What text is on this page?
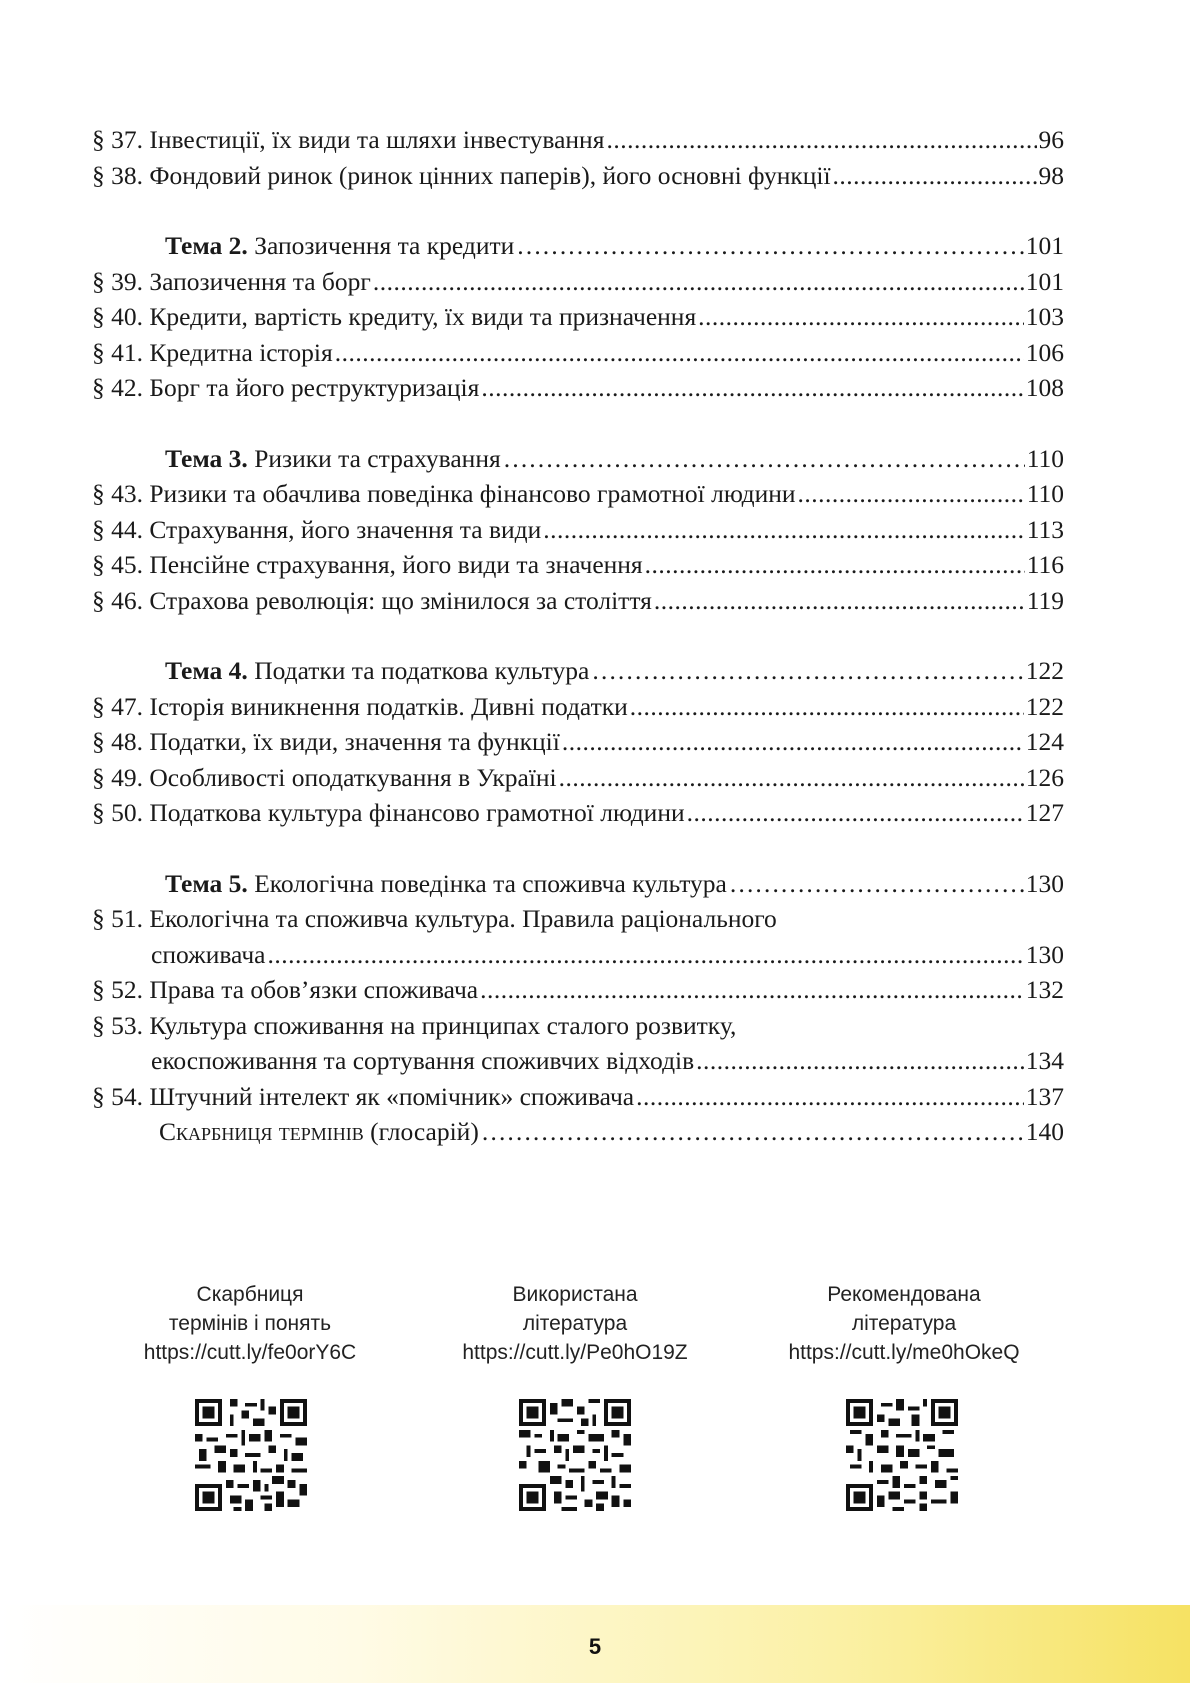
§ 37. Інвестиції, їх види та шляхи інвестування .....	96
§ 38. Фондовий ринок (ринок цінних паперів), його основні функції .....	98
Тема 2. Запозичення та кредити ………………………………………………………………………………………………………………………………………………………………………………………………	101
§ 39. Запозичення та борг .....	101
§ 40. Кредити, вартість кредиту, їх види та призначення .....	103
§ 41. Кредитна історія .....	106
§ 42. Борг та його реструктуризація .....	108
Тема 3. Ризики та страхування ………………………………………………………………………………………………………………………………………………………………………………………………	110
§ 43. Ризики та обачлива поведінка фінансово грамотної людини .....	110
§ 44. Страхування, його значення та види .....	113
§ 45. Пенсійне страхування, його види та значення .....	116
§ 46. Страхова революція: що змінилося за століття .....	119
Тема 4. Податки та податкова культура ………………………………………………………………………………………………………………………………………………………………………………………………	122
§ 47. Історія виникнення податків. Дивні податки .....	122
§ 48. Податки, їх види, значення та функції .....	124
§ 49. Особливості оподаткування в Україні .....	126
§ 50. Податкова культура фінансово грамотної людини .....	127
Тема 5. Екологічна поведінка та споживча культура ………………………………………………………………………………………………………………………………………………………………………………………………	130
§ 51. Екологічна та споживча культура. Правила раціонального
споживача .....	130
§ 52. Права та обов’язки споживача .....	132
§ 53. Культура споживання на принципах сталого розвитку,
екоспоживання та сортування споживчих відходів .....	134
§ 54. Штучний інтелект як «помічник» споживача .....	137
Скарбниця термінів (глосарій) ………………………………………………………………………………………………………………………………………………………………………………………………	140
Скарбниця
термінів і понять
https://cutt.ly/fe0orY6C
Використана
література
https://cutt.ly/Pe0hO19Z
Рекомендована
література
https://cutt.ly/me0hOkeQ
5
